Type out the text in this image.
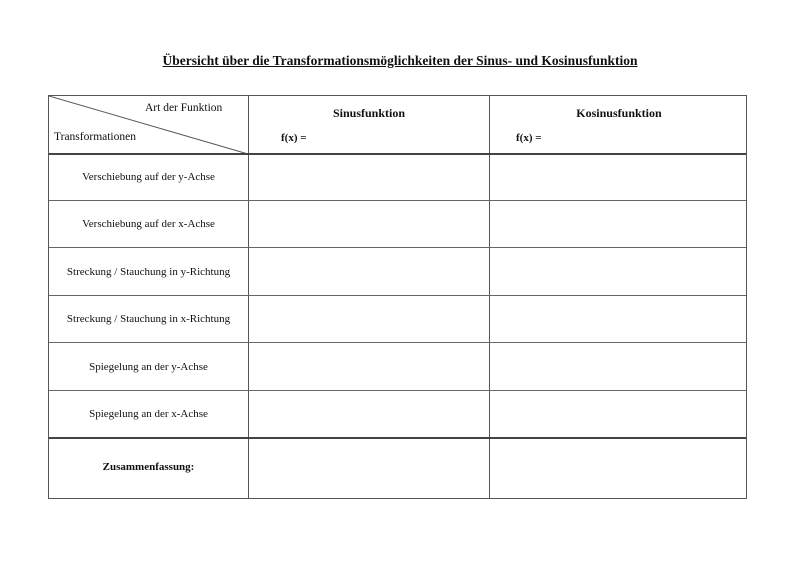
Übersicht über die Transformationsmöglichkeiten der Sinus- und Kosinusfunktion
Art der Funktion
Transformationen
Sinusfunktion
f(x) =
Kosinusfunktion
f(x) =
Verschiebung auf der y-Achse
Verschiebung auf der x-Achse
Streckung / Stauchung in y-Richtung
Streckung / Stauchung in x-Richtung
Spiegelung an der y-Achse
Spiegelung an der x-Achse
Zusammenfassung:
